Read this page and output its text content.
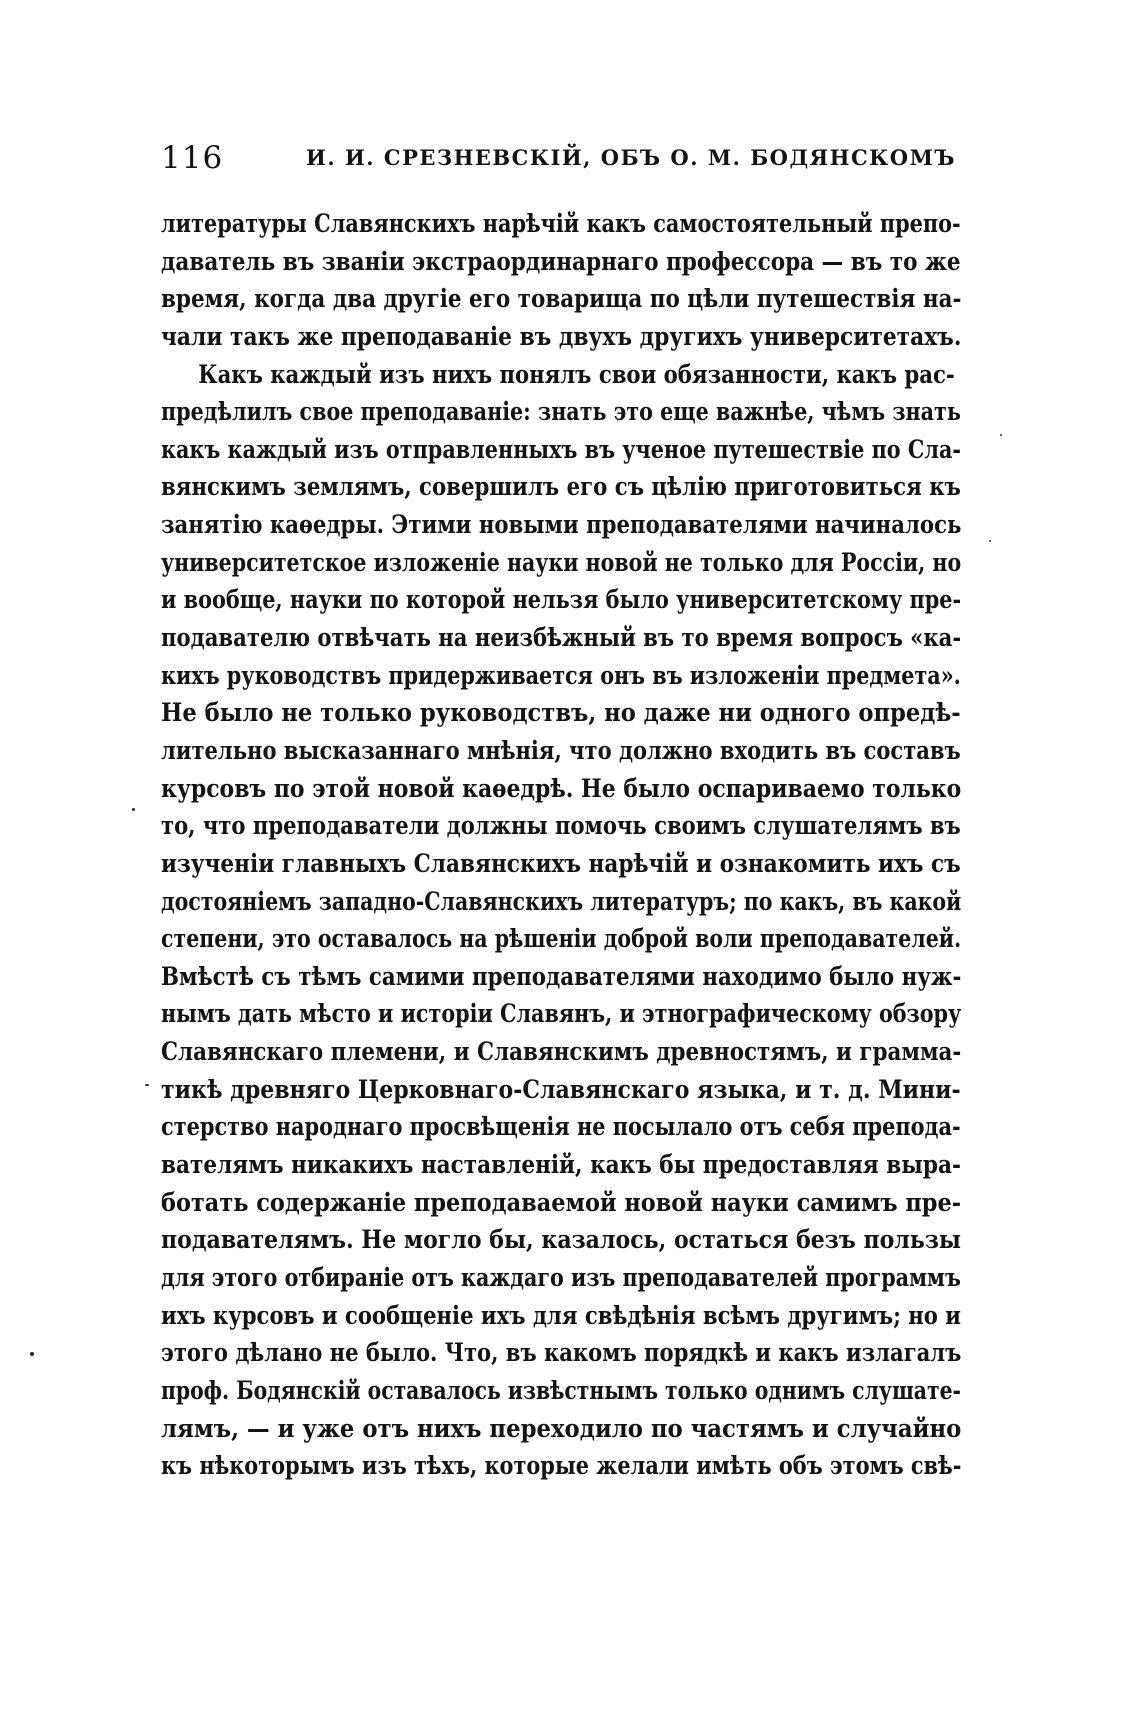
116	И. И. СРЕЗНЕВСКІЙ, ОБЪ О. М. БОДЯНСКОМЪ
литературы Славянскихъ нарѣчій какъ самостоятельный препо-
даватель въ званіи экстраординарнаго профессора — въ то же
время, когда два другіе его товарища по цѣли путешествія на-
чали такъ же преподаваніе въ двухъ другихъ университетахъ.
Какъ каждый изъ нихъ понялъ свои обязанности, какъ рас-
предѣлилъ свое преподаваніе: знать это еще важнѣе, чѣмъ знать
какъ каждый изъ отправленныхъ въ ученое путешествіе по Сла-
вянскимъ землямъ, совершилъ его съ цѣлію приготовиться къ
занятію каѳедры. Этими новыми преподавателями начиналось
университетское изложеніе науки новой не только для Россіи, но
и вообще, науки по которой нельзя было университетскому пре-
подавателю отвѣчать на неизбѣжный въ то время вопросъ «ка-
кихъ руководствъ придерживается онъ въ изложеніи предмета».
Не было не только руководствъ, но даже ни одного опредѣ-
лительно высказаннаго мнѣнія, что должно входить въ составъ
курсовъ по этой новой каѳедрѣ. Не было оспариваемо только
то, что преподаватели должны помочь своимъ слушателямъ въ
изученіи главныхъ Славянскихъ нарѣчій и ознакомить ихъ съ
достояніемъ западно-Славянскихъ литературъ; по какъ, въ какой
степени, это оставалось на рѣшеніи доброй воли преподавателей.
Вмѣстѣ съ тѣмъ самими преподавателями находимо было нуж-
нымъ дать мѣсто и исторіи Славянъ, и этнографическому обзору
Славянскаго племени, и Славянскимъ древностямъ, и грамма-
тикѣ древняго Церковнаго-Славянскаго языка, и т. д. Мини-
стерство народнаго просвѣщенія не посылало отъ себя препода-
вателямъ никакихъ наставленій, какъ бы предоставляя выра-
ботать содержаніе преподаваемой новой науки самимъ пре-
подавателямъ. Не могло бы, казалось, остаться безъ пользы
для этого отбираніе отъ каждаго изъ преподавателей программъ
ихъ курсовъ и сообщеніе ихъ для свѣдѣнія всѣмъ другимъ; но и
этого дѣлано не было. Что, въ какомъ порядкѣ и какъ излагалъ
проф. Бодянскій оставалось извѣстнымъ только однимъ слушате-
лямъ, — и уже отъ нихъ переходило по частямъ и случайно
къ нѣкоторымъ изъ тѣхъ, которые желали имѣть объ этомъ свѣ-
